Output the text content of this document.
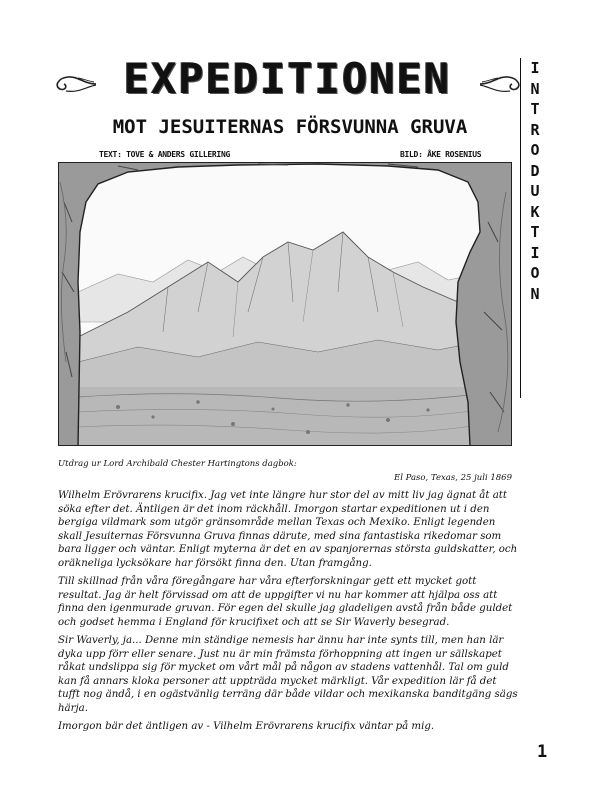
EXPEDITIONEN
MOT JESUITERNAS FÖRSVUNNA GRUVA
TEXT: TOVE & ANDERS GILLERING	BILD: ÅKE ROSENIUS
I
N
T
R
O
D
U
K
T
I
O
N
Utdrag ur Lord Archibald Chester Hartingtons dagbok:
El Paso, Texas, 25 juli 1869

Wilhelm Erövrarens krucifix. Jag vet inte längre hur stor del av mitt liv jag ägnat åt att söka efter det. Äntligen är det inom räckhåll. Imorgon startar expeditionen ut i den bergiga vildmark som utgör gränsområde mellan Texas och Mexiko. Enligt legenden skall Jesuiternas Försvunna Gruva finnas därute, med sina fantastiska rikedomar som bara ligger och väntar. Enligt myterna är det en av spanjorernas största guldskatter, och oräkneliga lycksökare har försökt finna den. Utan framgång.

Till skillnad från våra föregångare har våra efterforskningar gett ett mycket gott resultat. Jag är helt förvissad om att de uppgifter vi nu har kommer att hjälpa oss att finna den igenmurade gruvan. För egen del skulle jag gladeligen avstå från både guldet och godset hemma i England för krucifixet och att se Sir Waverly besegrad.

Sir Waverly, ja... Denne min ständige nemesis har ännu har inte synts till, men han lär dyka upp förr eller senare. Just nu är min främsta förhoppning att ingen ur sällskapet råkat undslippa sig för mycket om vårt mål på någon av stadens vattenhål. Tal om guld kan få annars kloka personer att uppträda mycket märkligt. Vår expedition lär få det tufft nog ändå, i en ogästvänlig terräng där både vildar och mexikanska banditgäng sägs härja.

Imorgon bär det äntligen av - Vilhelm Erövrarens krucifix väntar på mig.

1
